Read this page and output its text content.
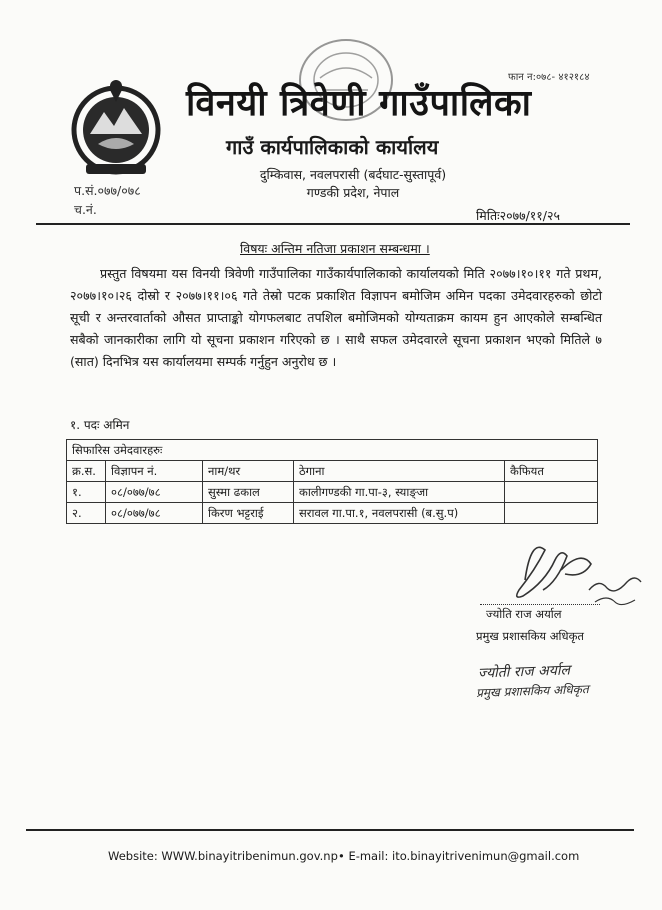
फान न:०७८- ४१२१८४
विनयी त्रिवेणी गाउँपालिका
गाउँ कार्यपालिकाको कार्यालय
दुम्किवास, नवलपरासी (बर्दघाट-सुस्तापूर्व)
गण्डकी प्रदेश, नेपाल
प.सं.०७७/०७८
च.नं.	मितिः२०७७/११/२५
विषयः अन्तिम नतिजा प्रकाशन सम्बन्धमा ।
प्रस्तुत विषयमा यस विनयी त्रिवेणी गाउँपालिका गाउँकार्यपालिकाको कार्यालयको मिति २०७७।१०।११ गते प्रथम, २०७७।१०।२६ दोस्रो र २०७७।११।०६ गते तेस्रो पटक प्रकाशित विज्ञापन बमोजिम अमिन पदका उमेदवारहरुको छोटो सूची र अन्तरवार्ताको औसत प्राप्ताङ्को योगफलबाट तपशिल बमोजिमको योग्यताक्रम कायम हुन आएकोले सम्बन्धित सबैको जानकारीका लागि यो सूचना प्रकाशन गरिएको छ । साथै सफल उमेदवारले सूचना प्रकाशन भएको मितिले ७ (सात) दिनभित्र यस कार्यालयमा सम्पर्क गर्नुहुन अनुरोध छ ।
१. पदः अमिन
सिफारिस उमेदवारहरुः				
क्र.स.	विज्ञापन नं.	नाम/थर	ठेगाना	कैफियत
१.	०८/०७७/७८	सुस्मा ढकाल	कालीगण्डकी गा.पा-३, स्याङ्जा	
२.	०८/०७७/७८	किरण भट्टराई	सरावल गा.पा.१, नवलपरासी (ब.सु.प)	
ज्योति राज अर्याल
प्रमुख प्रशासकिय अधिकृत
ज्योती राज अर्याल
प्रमुख प्रशासकिय अधिकृत
Website: WWW.binayitribenimun.gov.np • E-mail: ito.binayitrivenimun@gmail.com
